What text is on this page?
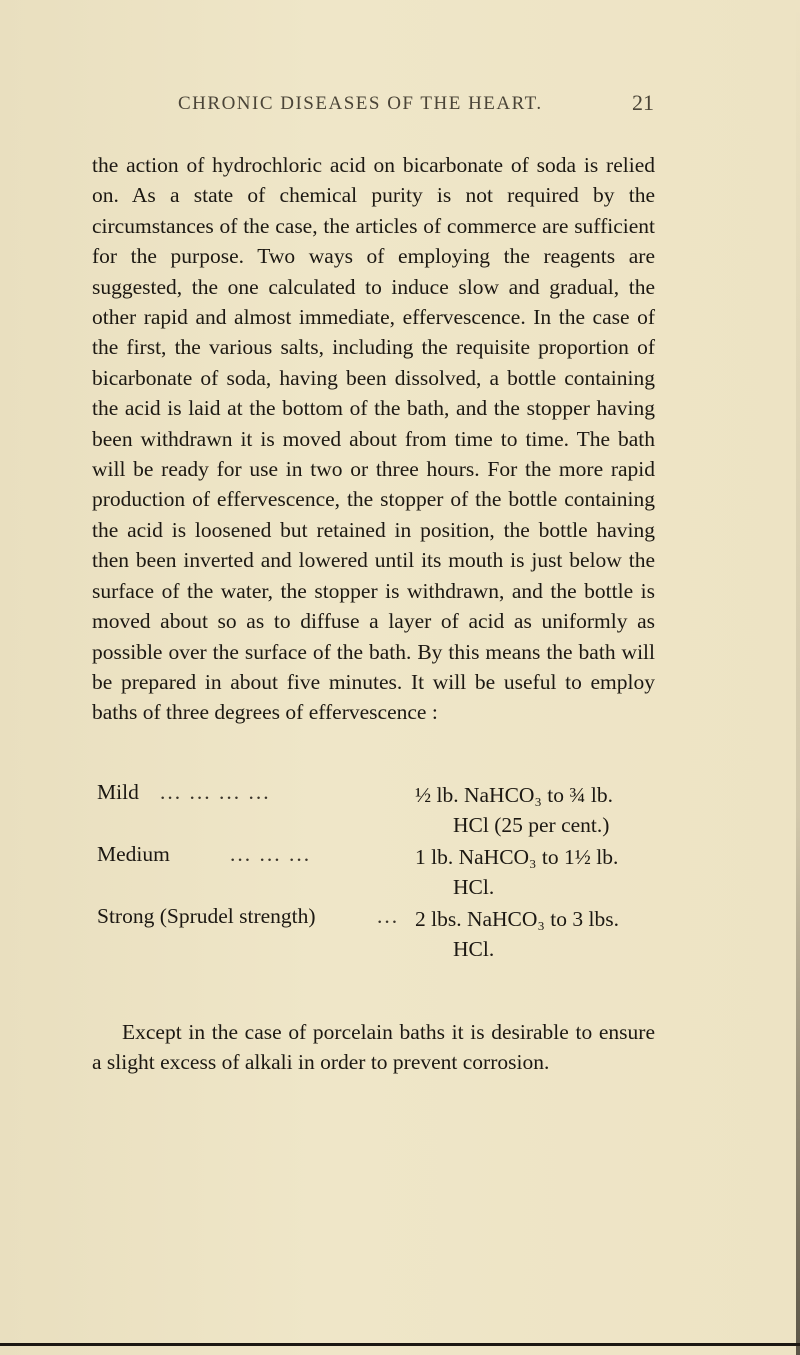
CHRONIC DISEASES OF THE HEART.	21

the action of hydrochloric acid on bicarbonate of soda is relied on. As a state of chemical purity is not required by the circumstances of the case, the articles of commerce are sufficient for the purpose. Two ways of employing the reagents are suggested, the one calculated to induce slow and gradual, the other rapid and almost immediate, effervescence. In the case of the first, the various salts, including the requisite proportion of bicarbonate of soda, having been dissolved, a bottle containing the acid is laid at the bottom of the bath, and the stopper having been withdrawn it is moved about from time to time. The bath will be ready for use in two or three hours. For the more rapid production of effervescence, the stopper of the bottle containing the acid is loosened but retained in position, the bottle having then been inverted and lowered until its mouth is just below the surface of the water, the stopper is withdrawn, and the bottle is moved about so as to diffuse a layer of acid as uniformly as possible over the surface of the bath. By this means the bath will be prepared in about five minutes. It will be useful to employ baths of three degrees of effervescence :

Mild ... ... ... ...	½ lb. NaHCO₃ to ¾ lb.
HCl (25 per cent.)
Medium	... ... ...	1 lb. NaHCO₃ to 1½ lb.
HCl.
Strong (Sprudel strength)	... 2 lbs. NaHCO₃ to 3 lbs.
HCl.

Except in the case of porcelain baths it is desirable to ensure a slight excess of alkali in order to prevent corrosion.
